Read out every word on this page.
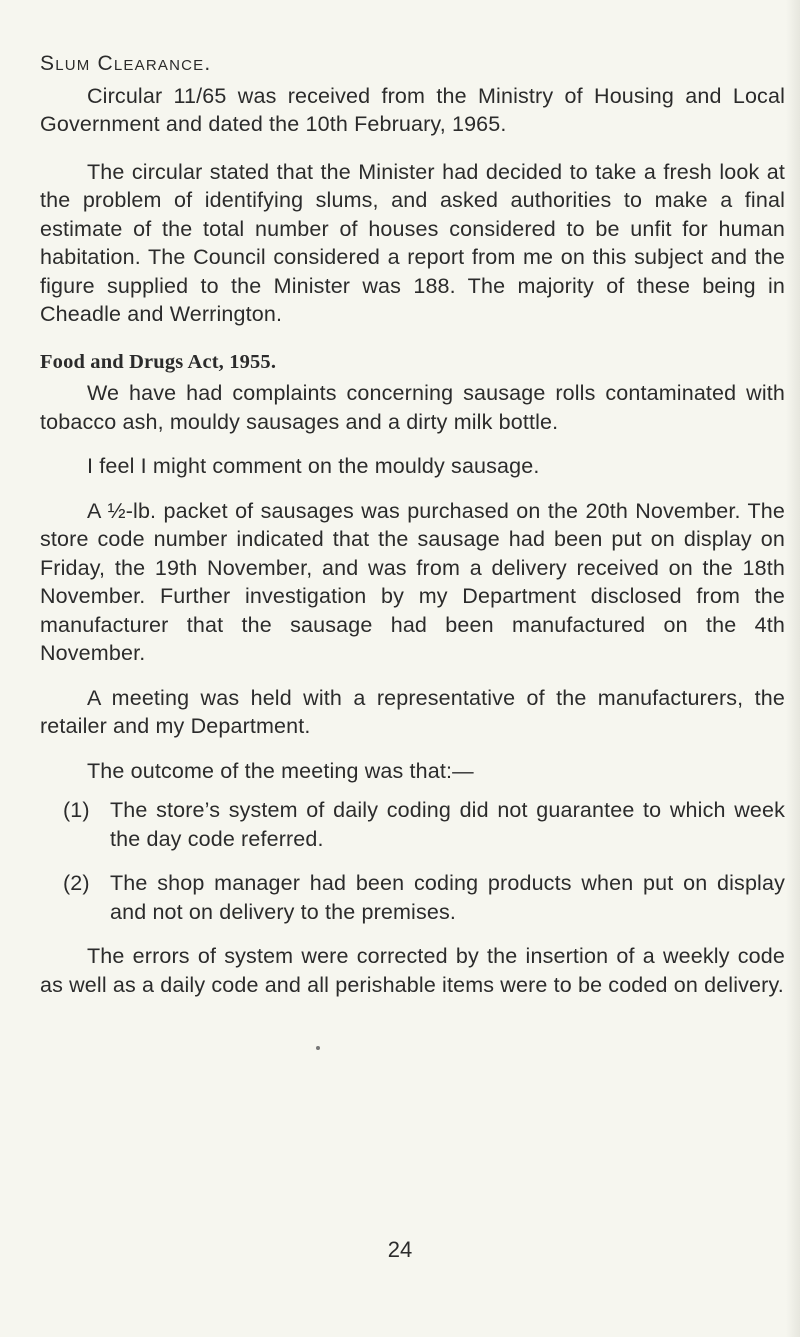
Slum Clearance.

Circular 11/65 was received from the Ministry of Housing and Local Government and dated the 10th February, 1965.

The circular stated that the Minister had decided to take a fresh look at the problem of identifying slums, and asked authorities to make a final estimate of the total number of houses considered to be unfit for human habitation. The Council considered a report from me on this subject and the figure supplied to the Minister was 188. The majority of these being in Cheadle and Werrington.

Food and Drugs Act, 1955.

We have had complaints concerning sausage rolls contaminated with tobacco ash, mouldy sausages and a dirty milk bottle.

I feel I might comment on the mouldy sausage.

A ½-lb. packet of sausages was purchased on the 20th November. The store code number indicated that the sausage had been put on display on Friday, the 19th November, and was from a delivery received on the 18th November. Further investigation by my Department disclosed from the manufacturer that the sausage had been manufactured on the 4th November.

A meeting was held with a representative of the manufacturers, the retailer and my Department.

The outcome of the meeting was that:—

(1) The store’s system of daily coding did not guarantee to which week the day code referred.
(2) The shop manager had been coding products when put on display and not on delivery to the premises.

The errors of system were corrected by the insertion of a weekly code as well as a daily code and all perishable items were to be coded on delivery.

24
